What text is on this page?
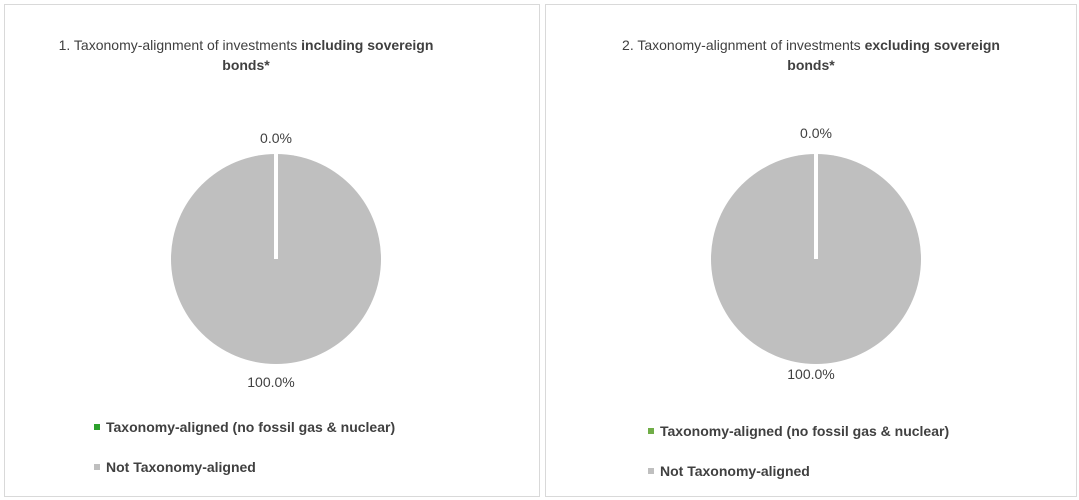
1. Taxonomy-alignment of investments including sovereign bonds*
0.0%
100.0%
Taxonomy-aligned (no fossil gas & nuclear)
Not Taxonomy-aligned
2. Taxonomy-alignment of investments excluding sovereign bonds*
0.0%
100.0%
Taxonomy-aligned (no fossil gas & nuclear)
Not Taxonomy-aligned
